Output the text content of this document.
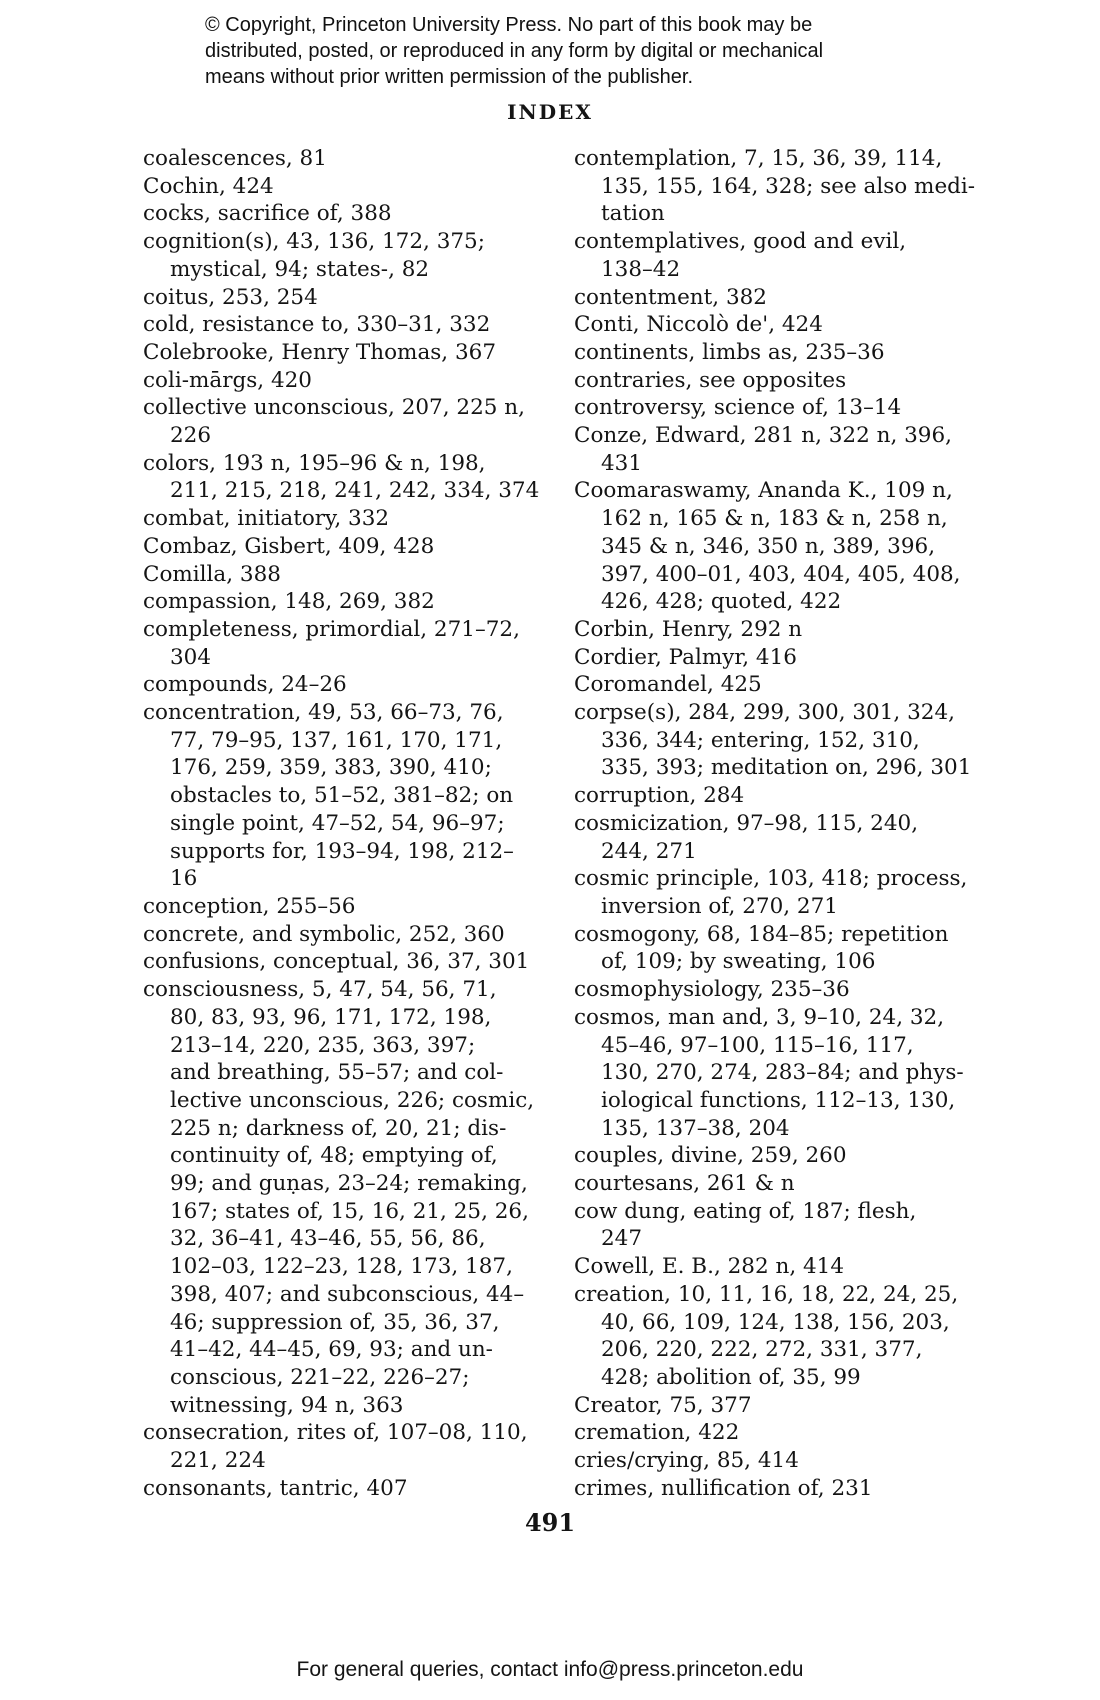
© Copyright, Princeton University Press. No part of this book may be
distributed, posted, or reproduced in any form by digital or mechanical
means without prior written permission of the publisher.
INDEX
coalescences, 81
Cochin, 424
cocks, sacrifice of, 388
cognition(s), 43, 136, 172, 375;
mystical, 94; states-, 82
coitus, 253, 254
cold, resistance to, 330–31, 332
Colebrooke, Henry Thomas, 367
coli-mārgs, 420
collective unconscious, 207, 225 n,
226
colors, 193 n, 195–96 & n, 198,
211, 215, 218, 241, 242, 334, 374
combat, initiatory, 332
Combaz, Gisbert, 409, 428
Comilla, 388
compassion, 148, 269, 382
completeness, primordial, 271–72,
304
compounds, 24–26
concentration, 49, 53, 66–73, 76,
77, 79–95, 137, 161, 170, 171,
176, 259, 359, 383, 390, 410;
obstacles to, 51–52, 381–82; on
single point, 47–52, 54, 96–97;
supports for, 193–94, 198, 212–
16
conception, 255–56
concrete, and symbolic, 252, 360
confusions, conceptual, 36, 37, 301
consciousness, 5, 47, 54, 56, 71,
80, 83, 93, 96, 171, 172, 198,
213–14, 220, 235, 363, 397;
and breathing, 55–57; and col-
lective unconscious, 226; cosmic,
225 n; darkness of, 20, 21; dis-
continuity of, 48; emptying of,
99; and guṇas, 23–24; remaking,
167; states of, 15, 16, 21, 25, 26,
32, 36–41, 43–46, 55, 56, 86,
102–03, 122–23, 128, 173, 187,
398, 407; and subconscious, 44–
46; suppression of, 35, 36, 37,
41–42, 44–45, 69, 93; and un-
conscious, 221–22, 226–27;
witnessing, 94 n, 363
consecration, rites of, 107–08, 110,
221, 224
consonants, tantric, 407
contemplation, 7, 15, 36, 39, 114,
135, 155, 164, 328; see also medi-
tation
contemplatives, good and evil,
138–42
contentment, 382
Conti, Niccolò de', 424
continents, limbs as, 235–36
contraries, see opposites
controversy, science of, 13–14
Conze, Edward, 281 n, 322 n, 396,
431
Coomaraswamy, Ananda K., 109 n,
162 n, 165 & n, 183 & n, 258 n,
345 & n, 346, 350 n, 389, 396,
397, 400–01, 403, 404, 405, 408,
426, 428; quoted, 422
Corbin, Henry, 292 n
Cordier, Palmyr, 416
Coromandel, 425
corpse(s), 284, 299, 300, 301, 324,
336, 344; entering, 152, 310,
335, 393; meditation on, 296, 301
corruption, 284
cosmicization, 97–98, 115, 240,
244, 271
cosmic principle, 103, 418; process,
inversion of, 270, 271
cosmogony, 68, 184–85; repetition
of, 109; by sweating, 106
cosmophysiology, 235–36
cosmos, man and, 3, 9–10, 24, 32,
45–46, 97–100, 115–16, 117,
130, 270, 274, 283–84; and phys-
iological functions, 112–13, 130,
135, 137–38, 204
couples, divine, 259, 260
courtesans, 261 & n
cow dung, eating of, 187; flesh,
247
Cowell, E. B., 282 n, 414
creation, 10, 11, 16, 18, 22, 24, 25,
40, 66, 109, 124, 138, 156, 203,
206, 220, 222, 272, 331, 377,
428; abolition of, 35, 99
Creator, 75, 377
cremation, 422
cries/crying, 85, 414
crimes, nullification of, 231
491
For general queries, contact info@press.princeton.edu
